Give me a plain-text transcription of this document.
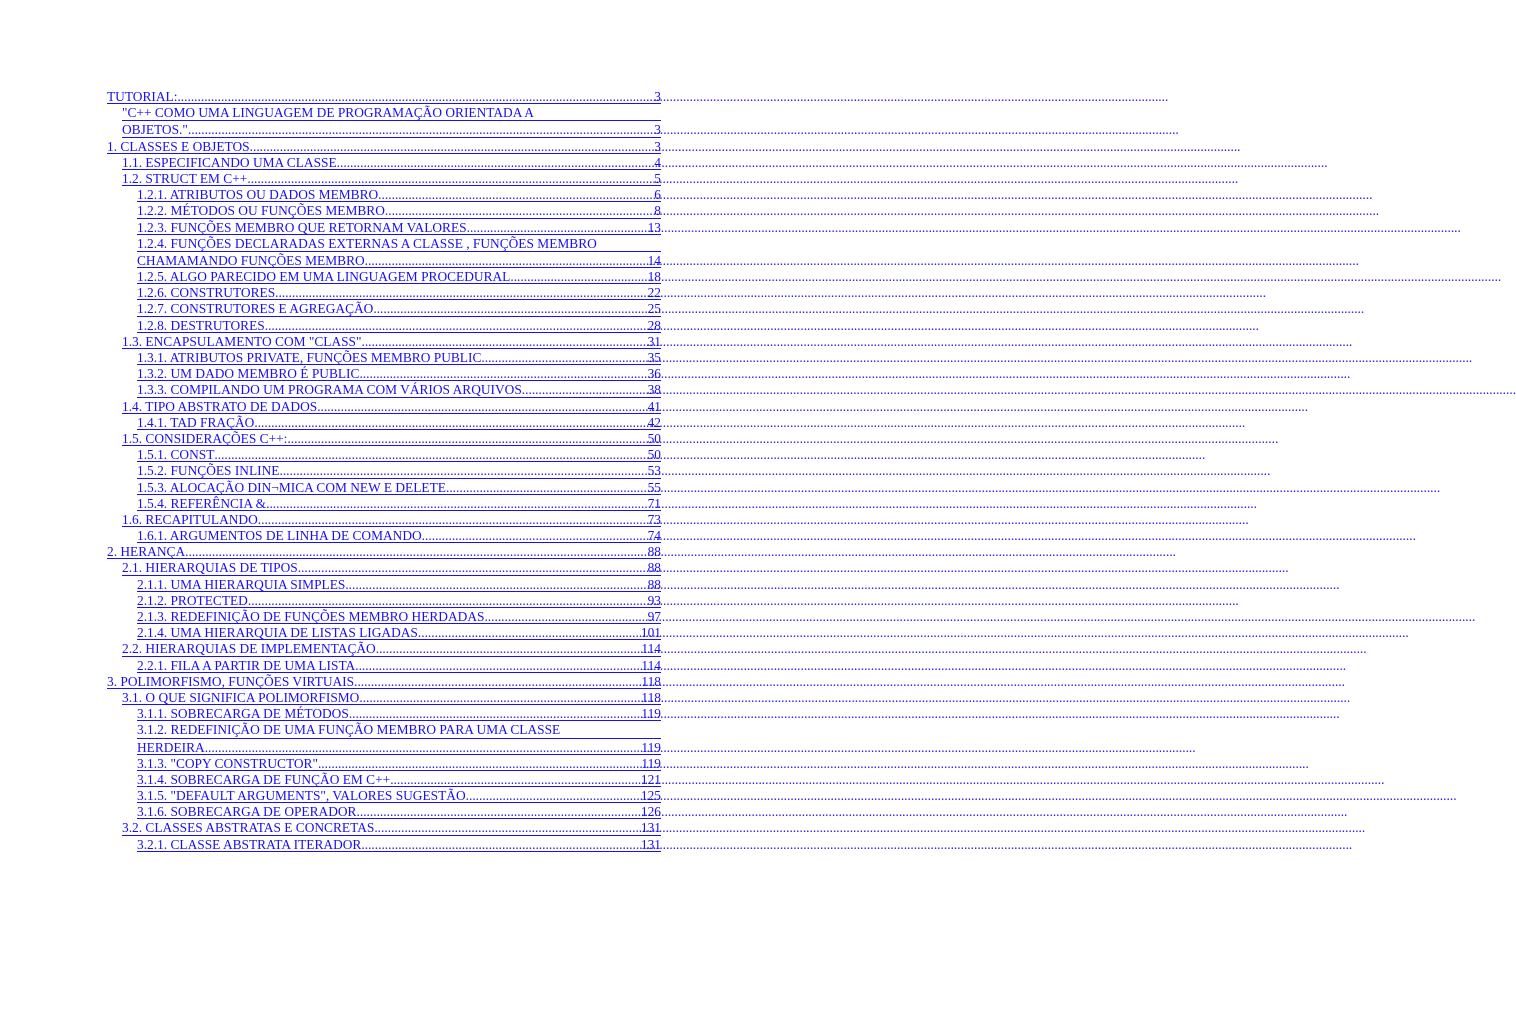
TUTORIAL: .....	3
"C++ COMO UMA LINGUAGEM DE PROGRAMAÇÃO ORIENTADA A
OBJETOS." .....	3
1. CLASSES E OBJETOS .....	3
1.1. ESPECIFICANDO UMA CLASSE .....	4
1.2. STRUCT EM C++ .....	5
1.2.1. ATRIBUTOS OU DADOS MEMBRO. .....	6
1.2.2. MÉTODOS OU FUNÇÕES MEMBRO. .....	8
1.2.3. FUNÇÕES MEMBRO QUE RETORNAM VALORES. .....	13
1.2.4. FUNÇÕES DECLARADAS EXTERNAS A CLASSE , FUNÇÕES MEMBRO
CHAMAMANDO FUNÇÕES MEMBRO. .....	14
1.2.5. ALGO PARECIDO EM UMA LINGUAGEM PROCEDURAL .....	18
1.2.6. CONSTRUTORES .....	22
1.2.7. CONSTRUTORES E AGREGAÇÃO .....	25
1.2.8. DESTRUTORES. .....	28
1.3. ENCAPSULAMENTO COM "CLASS" .....	31
1.3.1. ATRIBUTOS PRIVATE, FUNÇÕES MEMBRO PUBLIC .....	35
1.3.2. UM DADO MEMBRO É PUBLIC .....	36
1.3.3. COMPILANDO UM PROGRAMA COM VÁRIOS ARQUIVOS. .....	38
1.4. TIPO ABSTRATO DE DADOS .....	41
1.4.1. TAD FRAÇÃO .....	42
1.5. CONSIDERAÇÕES C++: .....	50
1.5.1. CONST .....	50
1.5.2. FUNÇÕES INLINE .....	53
1.5.3. ALOCAÇÃO DIN¬MICA COM NEW E DELETE. .....	55
1.5.4. REFERÊNCIA & .....	71
1.6. RECAPITULANDO .....	73
1.6.1. ARGUMENTOS DE LINHA DE COMANDO. .....	74
2. HERANÇA .....	88
2.1. HIERARQUIAS DE TIPOS .....	88
2.1.1. UMA HIERARQUIA SIMPLES. .....	88
2.1.2. PROTECTED .....	93
2.1.3. REDEFINIÇÃO DE FUNÇÕES MEMBRO HERDADAS .....	97
2.1.4. UMA HIERARQUIA DE LISTAS LIGADAS .....	101
2.2. HIERARQUIAS DE IMPLEMENTAÇÃO .....	114
2.2.1. FILA A PARTIR DE UMA LISTA .....	114
3. POLIMORFISMO, FUNÇÕES VIRTUAIS .....	118
3.1. O QUE SIGNIFICA POLIMORFISMO .....	118
3.1.1. SOBRECARGA DE MÉTODOS .....	119
3.1.2. REDEFINIÇÃO DE UMA FUNÇÃO MEMBRO PARA UMA CLASSE
HERDEIRA .....	119
3.1.3. "COPY CONSTRUCTOR" .....	119
3.1.4. SOBRECARGA DE FUNÇÃO EM C++. .....	121
3.1.5. "DEFAULT ARGUMENTS", VALORES SUGESTÃO .....	125
3.1.6. SOBRECARGA DE OPERADOR .....	126
3.2. CLASSES ABSTRATAS E CONCRETAS .....	131
3.2.1. CLASSE ABSTRATA ITERADOR .....	131
